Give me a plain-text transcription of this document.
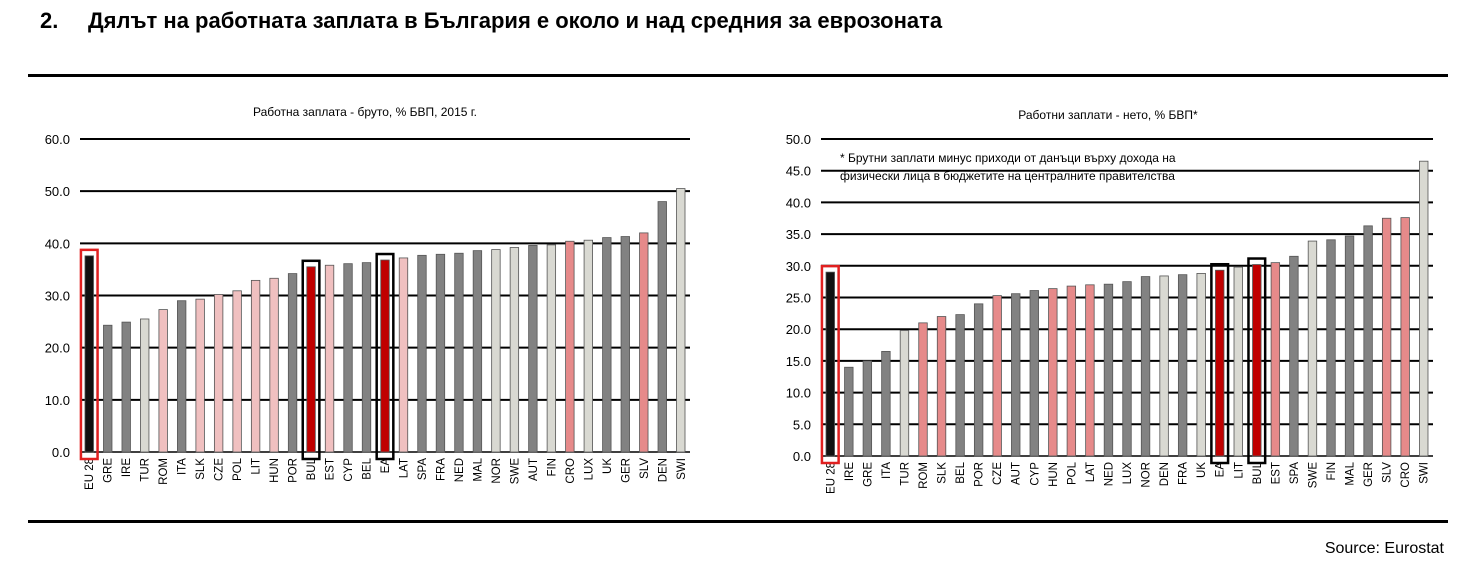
2. Дялът на работната заплата в България е около и над средния за еврозоната
Работна заплата - бруто, % БВП, 2015 г.
0.0
10.0
20.0
30.0
40.0
50.0
60.0
EU 28 GRE IRE TUR ROM ITA SLK CZE POL LIT HUN POR BUL EST CYP BEL EA LAT SPA FRA NED MAL NOR SWE AUT FIN CRO LUX UK GER SLV DEN SWI
Работни заплати - нето, % БВП*
* Брутни заплати минус приходи от данъци върху дохода на
физически лица в бюджетите на централните правителства
0.0
5.0
10.0
15.0
20.0
25.0
30.0
35.0
40.0
45.0
50.0
EU 28 IRE GRE ITA TUR ROM SLK BEL POR CZE AUT CYP HUN POL LAT NED LUX NOR DEN FRA UK EA LIT BUL EST SPA SWE FIN MAL GER SLV CRO SWI
Source: Eurostat
